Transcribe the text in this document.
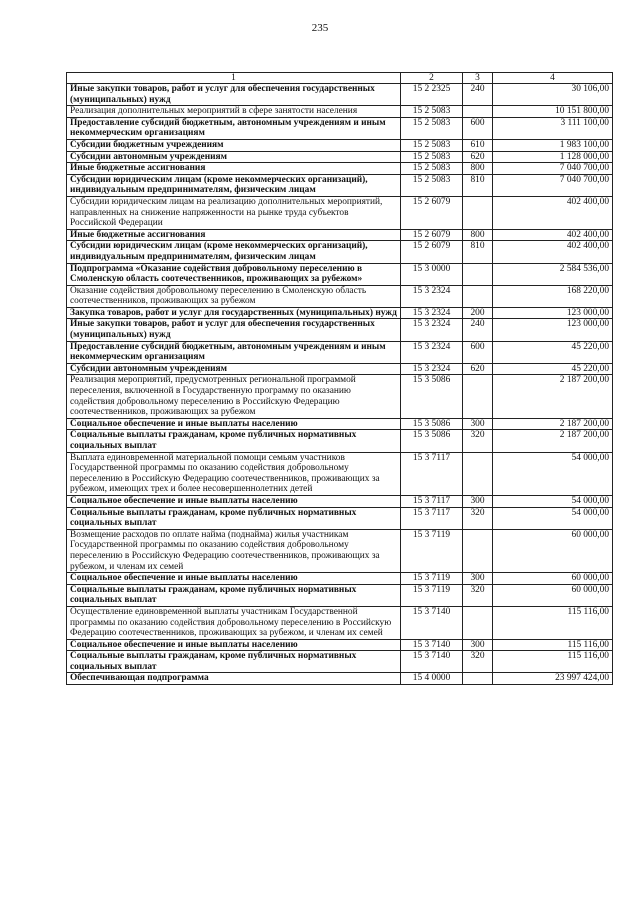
235
1	2	3	4
Иные закупки товаров, работ и услуг для обеспечения государственных (муниципальных) нужд	15 2 2325	240	30 106,00
Реализация дополнительных мероприятий в сфере занятости населения	15 2 5083		10 151 800,00
Предоставление субсидий бюджетным, автономным учреждениям и иным некоммерческим организациям	15 2 5083	600	3 111 100,00
Субсидии бюджетным учреждениям	15 2 5083	610	1 983 100,00
Субсидии автономным учреждениям	15 2 5083	620	1 128 000,00
Иные бюджетные ассигнования	15 2 5083	800	7 040 700,00
Субсидии юридическим лицам (кроме некоммерческих организаций), индивидуальным предпринимателям, физическим лицам	15 2 5083	810	7 040 700,00
Субсидии юридическим лицам на реализацию дополнительных мероприятий, направленных на снижение напряженности на рынке труда субъектов Российской Федерации	15 2 6079		402 400,00
Иные бюджетные ассигнования	15 2 6079	800	402 400,00
Субсидии юридическим лицам (кроме некоммерческих организаций), индивидуальным предпринимателям, физическим лицам	15 2 6079	810	402 400,00
Подпрограмма «Оказание содействия добровольному переселению в Смоленскую область соотечественников, проживающих за рубежом»	15 3 0000		2 584 536,00
Оказание содействия добровольному переселению в Смоленскую область соотечественников, проживающих за рубежом	15 3 2324		168 220,00
Закупка товаров, работ и услуг для государственных (муниципальных) нужд	15 3 2324	200	123 000,00
Иные закупки товаров, работ и услуг для обеспечения государственных (муниципальных) нужд	15 3 2324	240	123 000,00
Предоставление субсидий бюджетным, автономным учреждениям и иным некоммерческим организациям	15 3 2324	600	45 220,00
Субсидии автономным учреждениям	15 3 2324	620	45 220,00
Реализация мероприятий, предусмотренных региональной программой переселения, включенной в Государственную программу по оказанию содействия добровольному переселению в Российскую Федерацию соотечественников, проживающих за рубежом	15 3 5086		2 187 200,00
Социальное обеспечение и иные выплаты населению	15 3 5086	300	2 187 200,00
Социальные выплаты гражданам, кроме публичных нормативных социальных выплат	15 3 5086	320	2 187 200,00
Выплата единовременной материальной помощи семьям участников Государственной программы по оказанию содействия добровольному переселению в Российскую Федерацию соотечественников, проживающих за рубежом, имеющих трех и более несовершеннолетних детей	15 3 7117		54 000,00
Социальное обеспечение и иные выплаты населению	15 3 7117	300	54 000,00
Социальные выплаты гражданам, кроме публичных нормативных социальных выплат	15 3 7117	320	54 000,00
Возмещение расходов по оплате найма (поднайма) жилья участникам Государственной программы по оказанию содействия добровольному переселению в Российскую Федерацию соотечественников, проживающих за рубежом, и членам их семей	15 3 7119		60 000,00
Социальное обеспечение и иные выплаты населению	15 3 7119	300	60 000,00
Социальные выплаты гражданам, кроме публичных нормативных социальных выплат	15 3 7119	320	60 000,00
Осуществление единовременной выплаты участникам Государственной программы по оказанию содействия добровольному переселению в Российскую Федерацию соотечественников, проживающих за рубежом, и членам их семей	15 3 7140		115 116,00
Социальное обеспечение и иные выплаты населению	15 3 7140	300	115 116,00
Социальные выплаты гражданам, кроме публичных нормативных социальных выплат	15 3 7140	320	115 116,00
Обеспечивающая подпрограмма	15 4 0000		23 997 424,00
